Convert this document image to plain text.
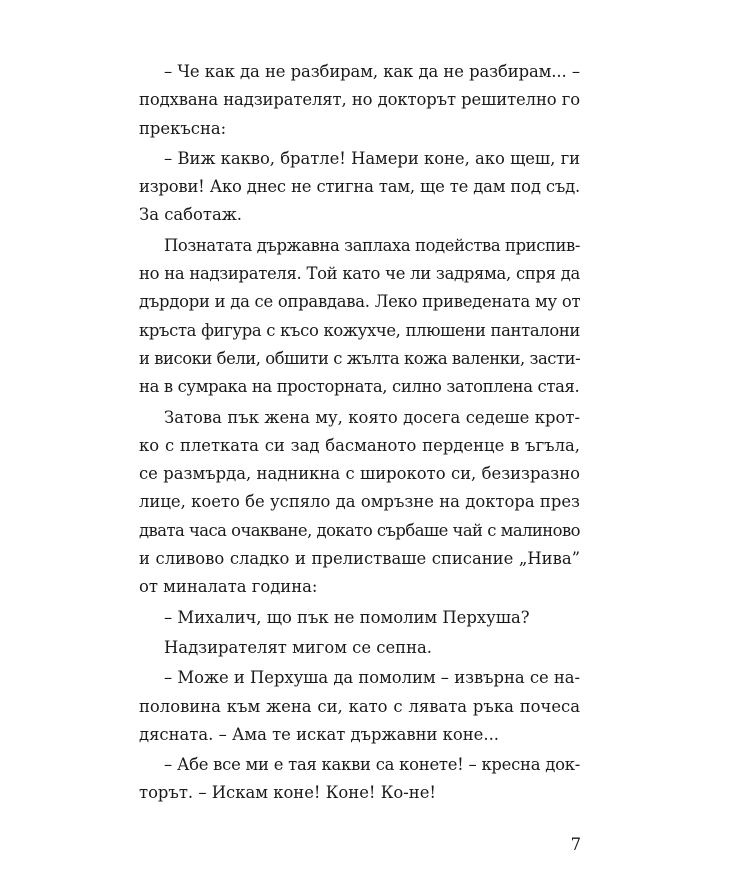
– Че как да не разбирам, как да не разбирам... –
подхвана надзирателят, но докторът решително го
прекъсна:
– Виж какво, братле! Намери коне, ако щеш, ги
изрови! Ако днес не стигна там, ще те дам под съд.
За саботаж.
Познатата държавна заплаха подейства приспив-
но на надзирателя. Той като че ли задряма, спря да
дърдори и да се оправдава. Леко приведената му от
кръста фигура с късо кожухче, плюшени панталони
и високи бели, обшити с жълта кожа валенки, засти-
на в сумрака на просторната, силно затоплена стая.
Затова пък жена му, която досега седеше крот-
ко с плетката си зад басманото перденце в ъгъла,
се размърда, надникна с широкото си, безизразно
лице, което бе успяло да омръзне на доктора през
двата часа очакване, докато сърбаше чай с малиново
и сливово сладко и прелистваше списание „Нива”
от миналата година:
– Михалич, що пък не помолим Перхуша?
Надзирателят мигом се сепна.
– Може и Перхуша да помолим – извърна се на-
половина към жена си, като с лявата ръка почеса
дясната. – Ама те искат държавни коне...
– Абе все ми е тая какви са конете! – кресна док-
торът. – Искам коне! Коне! Ко-не!
7
